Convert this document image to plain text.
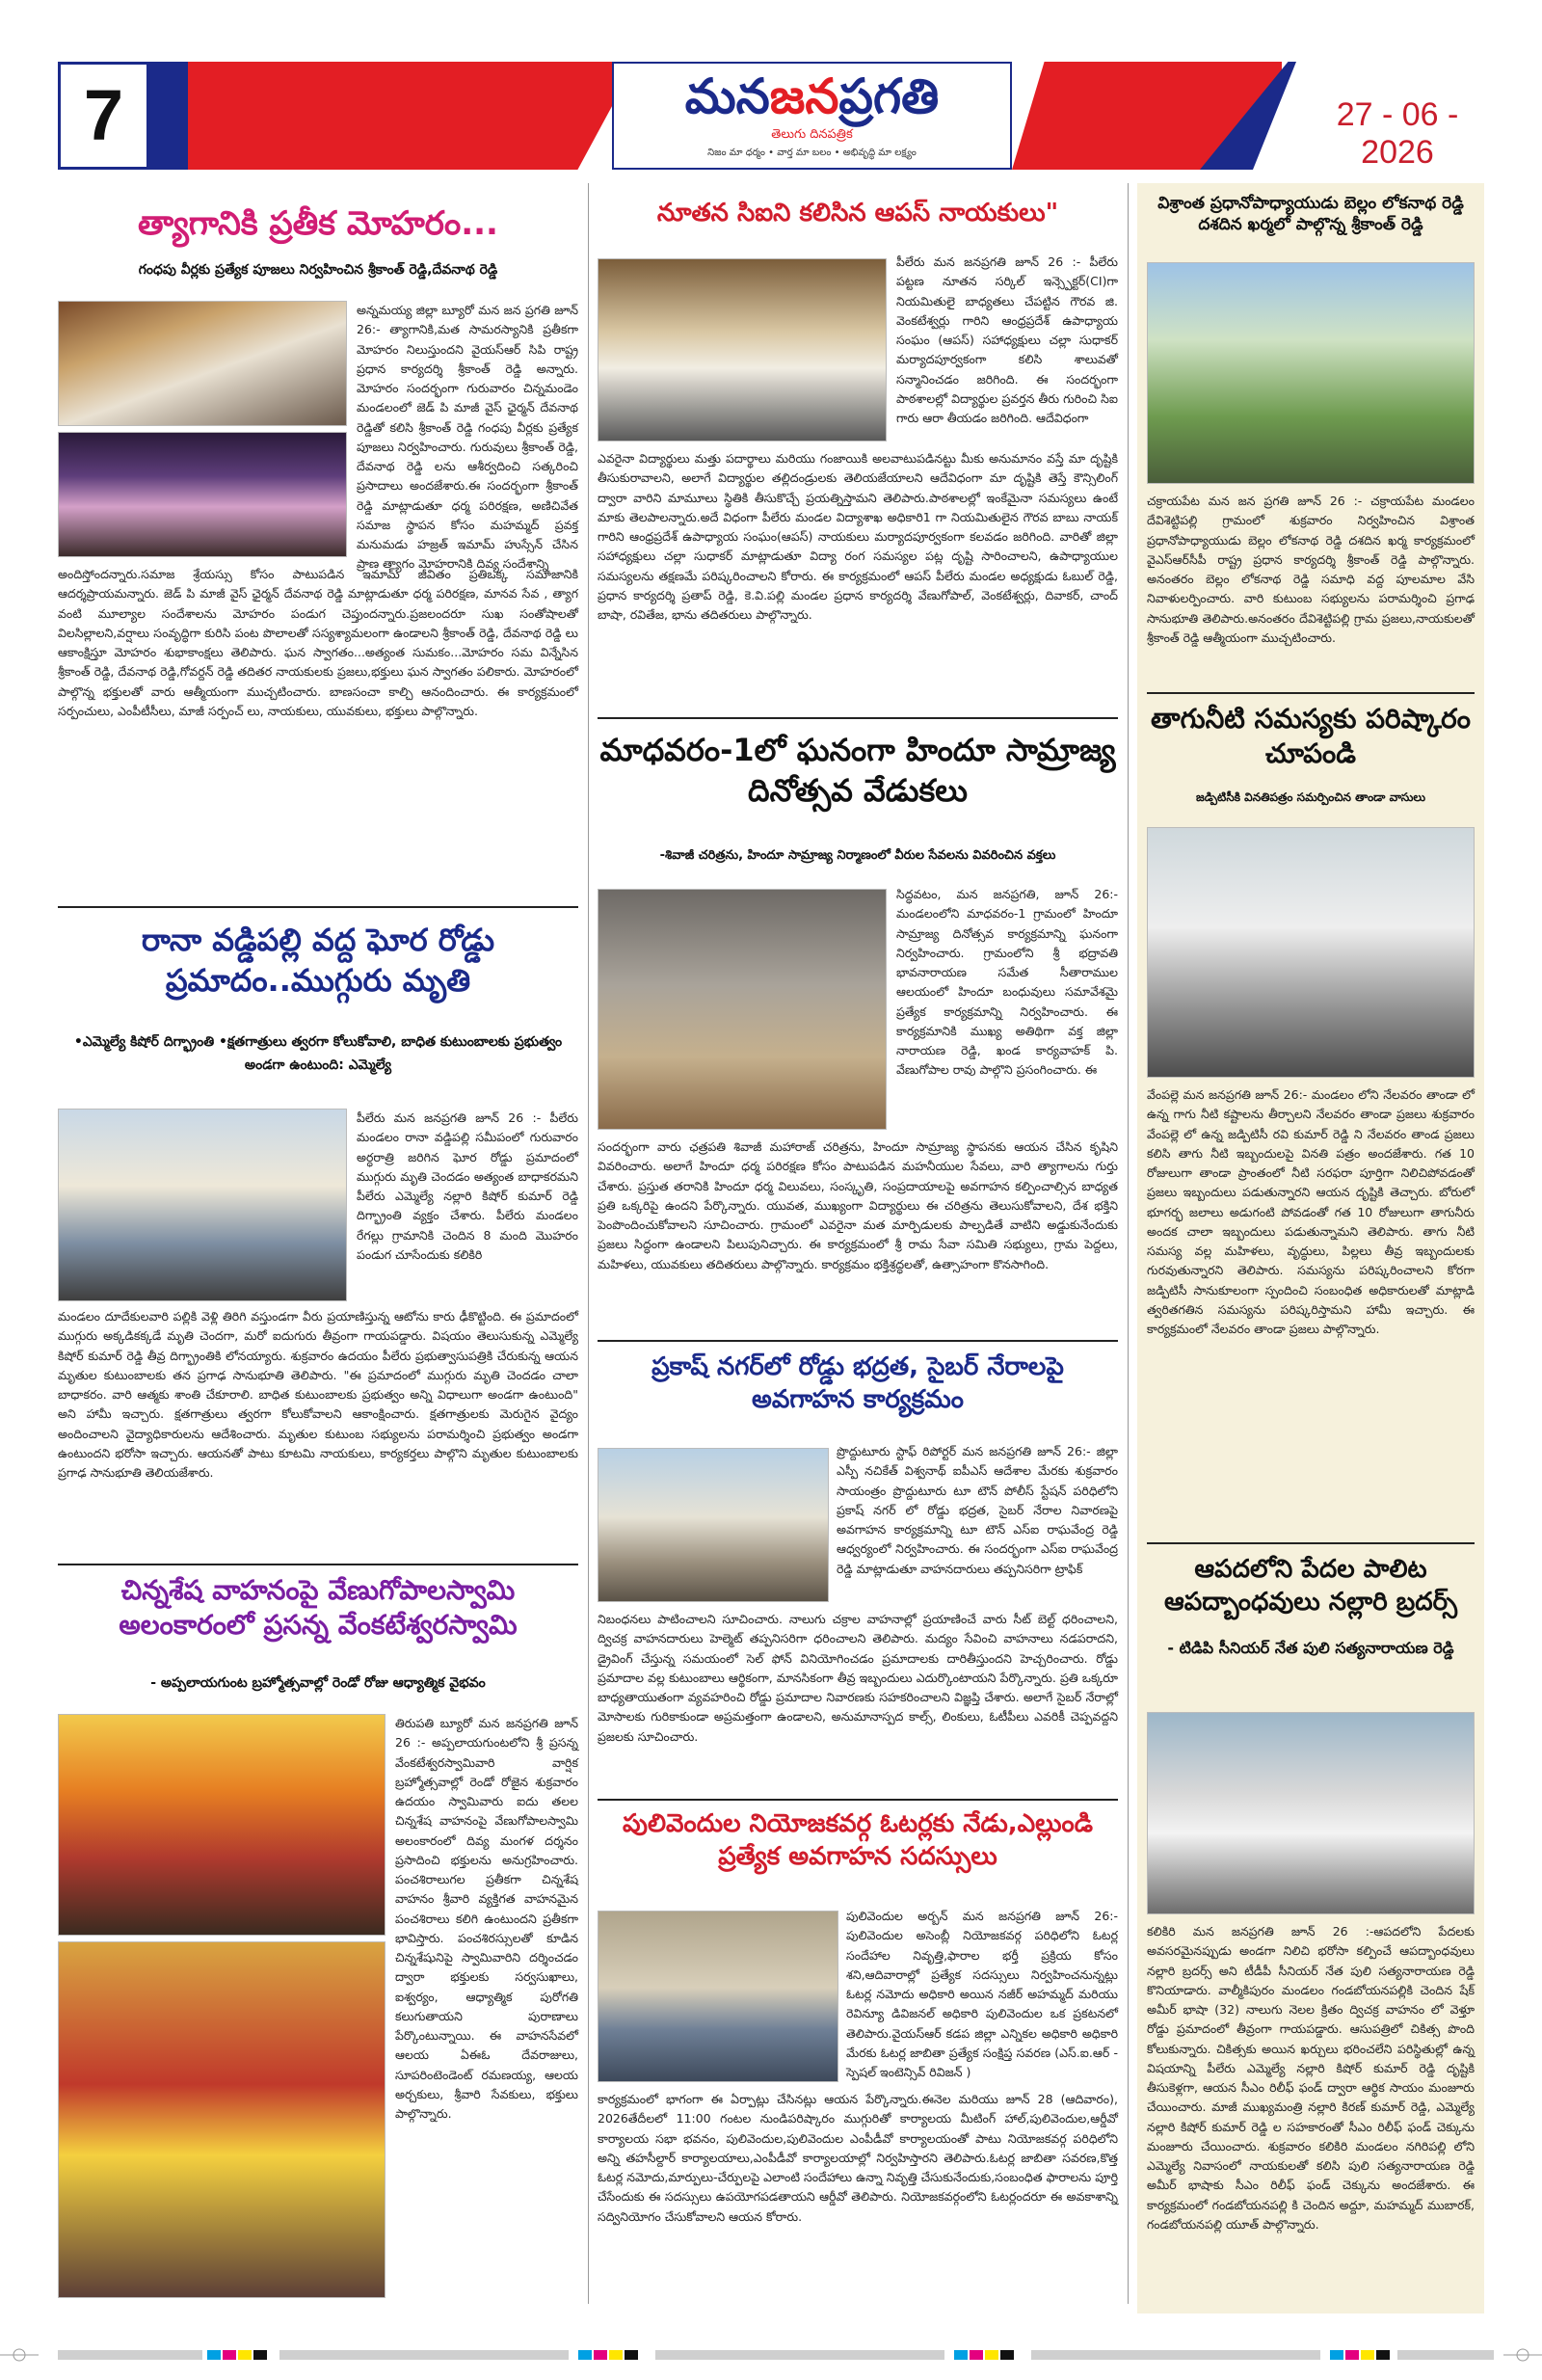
7	మనజనప్రగతి
తెలుగు దినపత్రిక
నిజం మా ధర్మం • వార్త మా బలం • అభివృద్ధి మా లక్ష్యం
27 - 06 - 2026
త్యాగానికి ప్రతీక మోహరం...
గంధపు వీర్లకు ప్రత్యేక పూజలు నిర్వహించిన శ్రీకాంత్ రెడ్డి,దేవనాథ రెడ్డి
అన్నమయ్య జిల్లా బ్యూరో మన జన ప్రగతి జూన్ 26:- త్యాగానికి,మత సామరస్యానికి ప్రతీకగా మోహరం నిలుస్తుందని వైయస్ఆర్ సిపి రాష్ట్ర ప్రధాన కార్యదర్శి శ్రీకాంత్ రెడ్డి అన్నారు. మోహరం సందర్భంగా గురువారం చిన్నమండెం మండలంలో జెడ్ పి మాజీ వైస్ ఛైర్మన్ దేవనాథ రెడ్డితో కలిసి శ్రీకాంత్ రెడ్డి గంధపు వీర్లకు ప్రత్యేక పూజలు నిర్వహించారు. గురువులు శ్రీకాంత్ రెడ్డి, దేవనాథ రెడ్డి లను ఆశీర్వదించి సత్కరించి ప్రసాదాలు అందజేశారు.ఈ సందర్భంగా శ్రీకాంత్ రెడ్డి మాట్లాడుతూ ధర్మ పరిరక్షణ, అణిచివేత సమాజ స్థాపన కోసం మహమ్మద్ ప్రవక్త మనుమడు హజ్రత్ ఇమామ్ హుస్సేన్ చేసిన ప్రాణ త్యాగం మోహరానికి దివ్య సందేశాన్ని
అందిస్తోందన్నారు.సమాజ శ్రేయస్సు కోసం పాటుపడిన ఇమామ్ జీవితం ప్రతిఒక్క సమాజానికి ఆదర్శప్రాయమన్నారు. జెడ్ పి మాజీ వైస్ ఛైర్మన్ దేవనాథ రెడ్డి మాట్లాడుతూ ధర్మ పరిరక్షణ, మానవ సేవ , త్యాగ వంటి మూల్యాల సందేశాలను మోహరం పండుగ చెప్తుందన్నారు.ప్రజలందరూ సుఖ సంతోషాలతో విలసిల్లాలని,వర్షాలు సంవృద్ధిగా కురిసి పంట పొలాలతో సస్యశ్యామలంగా ఉండాలని శ్రీకాంత్ రెడ్డి, దేవనాథ రెడ్డి లు ఆకాంక్షిస్తూ మోహరం శుభాకాంక్షలు తెలిపారు. ఘన స్వాగతం...అత్యంత సుమకం...మోహరం సమ విన్నేసిన శ్రీకాంత్ రెడ్డి, దేవనాథ రెడ్డి,గోవర్దన్ రెడ్డి తదితర నాయకులకు ప్రజలు,భక్తులు ఘన స్వాగతం పలికారు. మోహరంలో పాల్గొన్న భక్తులతో వారు ఆత్మీయంగా ముచ్చటించారు. బాణసంచా కాల్చి ఆనందించారు. ఈ కార్యక్రమంలో సర్పంచులు, ఎంపీటీసీలు, మాజీ సర్పంచ్ లు, నాయకులు, యువకులు, భక్తులు పాల్గొన్నారు.
రానా వడ్డిపల్లి వద్ద ఘోర రోడ్డు ప్రమాదం..ముగ్గురు మృతి
•ఎమ్మెల్యే కిషోర్ దిగ్భ్రాంతి •క్షతగాత్రులు త్వరగా కోలుకోవాలి, బాధిత కుటుంబాలకు ప్రభుత్వం అండగా ఉంటుంది: ఎమ్మెల్యే
పీలేరు మన జనప్రగతి జూన్ 26 :- పీలేరు మండలం రానా వడ్డిపల్లి సమీపంలో గురువారం అర్ధరాత్రి జరిగిన ఘోర రోడ్డు ప్రమాదంలో ముగ్గురు మృతి చెందడం అత్యంత బాధాకరమని పీలేరు ఎమ్మెల్యే నల్లారి కిషోర్ కుమార్ రెడ్డి దిగ్భ్రాంతి వ్యక్తం చేశారు. పీలేరు మండలం రేగల్లు గ్రామానికి చెందిన 8 మంది మొహరం పండుగ చూసేందుకు కలికిరి
మండలం దూదేకులవారి పల్లికి వెళ్లి తిరిగి వస్తుండగా వీరు ప్రయాణిస్తున్న ఆటోను కారు ఢీకొట్టింది. ఈ ప్రమాదంలో ముగ్గురు అక్కడికక్కడే మృతి చెందగా, మరో ఐదుగురు తీవ్రంగా గాయపడ్డారు. విషయం తెలుసుకున్న ఎమ్మెల్యే కిషోర్ కుమార్ రెడ్డి తీవ్ర దిగ్భ్రాంతికి లోనయ్యారు. శుక్రవారం ఉదయం పీలేరు ప్రభుత్వాసుపత్రికి చేరుకున్న ఆయన మృతుల కుటుంబాలకు తన ప్రగాఢ సానుభూతి తెలిపారు. "ఈ ప్రమాదంలో ముగ్గురు మృతి చెందడం చాలా బాధాకరం. వారి ఆత్మకు శాంతి చేకూరాలి. బాధిత కుటుంబాలకు ప్రభుత్వం అన్ని విధాలుగా అండగా ఉంటుంది" అని హామీ ఇచ్చారు. క్షతగాత్రులు త్వరగా కోలుకోవాలని ఆకాంక్షించారు. క్షతగాత్రులకు మెరుగైన వైద్యం అందించాలని వైద్యాధికారులను ఆదేశించారు. మృతుల కుటుంబ సభ్యులను పరామర్శించి ప్రభుత్వం అండగా ఉంటుందని భరోసా ఇచ్చారు. ఆయనతో పాటు కూటమి నాయకులు, కార్యకర్తలు పాల్గొని మృతుల కుటుంబాలకు ప్రగాఢ సానుభూతి తెలియజేశారు.
చిన్నశేష వాహనంపై వేణుగోపాలస్వామి అలంకారంలో ప్రసన్న వేంకటేశ్వరస్వామి
- అప్పలాయగుంట బ్రహ్మోత్సవాల్లో రెండో రోజు ఆధ్యాత్మిక వైభవం
తిరుపతి బ్యూరో మన జనప్రగతి జూన్ 26 :- అప్పలాయగుంటలోని శ్రీ ప్రసన్న వేంకటేశ్వరస్వామివారి వార్షిక బ్రహ్మోత్సవాల్లో రెండో రోజైన శుక్రవారం ఉదయం స్వామివారు ఐదు తలల చిన్నశేష వాహనంపై వేణుగోపాలస్వామి అలంకారంలో దివ్య మంగళ దర్శనం ప్రసాదించి భక్తులను అనుగ్రహించారు. పంచశిరాలుగల ప్రతీకగా చిన్నశేష వాహనం శ్రీవారి వ్యక్తిగత వాహనమైన పంచశిరాలు కలిగి ఉంటుందని ప్రతీకగా భావిస్తారు. పంచశిరస్సులతో కూడిన చిన్నశేషునిపై స్వామివారిని దర్శించడం ద్వారా భక్తులకు సర్వసుఖాలు, ఐశ్వర్యం, ఆధ్యాత్మిక పురోగతి కలుగుతాయని పురాణాలు పేర్కొంటున్నాయి. ఈ వాహనసేవలో ఆలయ ఏఈఓ దేవరాజులు, సూపరింటెండెంట్ రమణయ్య, ఆలయ అర్చకులు, శ్రీవారి సేవకులు, భక్తులు పాల్గొన్నారు.
నూతన సిఐని కలిసిన ఆపస్ నాయకులు"
పీలేరు మన జనప్రగతి జూన్ 26 :- పీలేరు పట్టణ నూతన సర్కిల్ ఇన్స్పెక్టర్(CI)గా నియమితులై బాధ్యతలు చేపట్టిన గౌరవ జి. వెంకటేశ్వర్లు గారిని ఆంధ్రప్రదేశ్ ఉపాధ్యాయ సంఘం (ఆపస్) సహాధ్యక్షులు చల్లా సుధాకర్ మర్యాదపూర్వకంగా కలిసి శాలువతో సన్మానించడం జరిగింది. ఈ సందర్భంగా పాఠశాలల్లో విద్యార్థుల ప్రవర్తన తీరు గురించి సిఐ గారు ఆరా తీయడం జరిగింది. ఆదేవిధంగా
ఎవరైనా విద్యార్థులు మత్తు పదార్థాలు మరియు గంజాయికి అలవాటుపడినట్టు మీకు అనుమానం వస్తే మా దృష్టికి తీసుకురావాలని, అలాగే విద్యార్థుల తల్లిదండ్రులకు తెలియజేయాలని ఆదేవిధంగా మా దృష్టికి తెస్తే కౌన్సిలింగ్ ద్వారా వారిని మామూలు స్థితికి తీసుకొచ్చే ప్రయత్నిస్తామని తెలిపారు.పాఠశాలల్లో ఇంకేమైనా సమస్యలు ఉంటే మాకు తెలపాలన్నారు.అదే విధంగా పీలేరు మండల విద్యాశాఖ అధికారి1 గా నియమితులైన గౌరవ బాబు నాయక్ గారిని ఆంధ్రప్రదేశ్ ఉపాధ్యాయ సంఘం(ఆపస్) నాయకులు మర్యాదపూర్వకంగా కలవడం జరిగింది. వారితో జిల్లా సహాధ్యక్షులు చల్లా సుధాకర్ మాట్లాడుతూ విద్యా రంగ సమస్యల పట్ల దృష్టి సారించాలని, ఉపాధ్యాయుల సమస్యలను తక్షణమే పరిష్కరించాలని కోరారు. ఈ కార్యక్రమంలో ఆపస్ పీలేరు మండల అధ్యక్షుడు ఓబుల్ రెడ్డి, ప్రధాన కార్యదర్శి ప్రతాప్ రెడ్డి, కె.వి.పల్లి మండల ప్రధాన కార్యదర్శి వేణుగోపాల్, వెంకటేశ్వర్లు, దివాకర్, చాంద్ బాషా, రవితేజ, భాను తదితరులు పాల్గొన్నారు.
మాధవరం-1లో ఘనంగా హిందూ సామ్రాజ్య దినోత్సవ వేడుకలు
-శివాజీ చరిత్రను, హిందూ సామ్రాజ్య నిర్మాణంలో వీరుల సేవలను వివరించిన వక్తలు
సిద్ధవటం, మన జనప్రగతి, జూన్ 26:- మండలంలోని మాధవరం-1 గ్రామంలో హిందూ సామ్రాజ్య దినోత్సవ కార్యక్రమాన్ని ఘనంగా నిర్వహించారు. గ్రామంలోని శ్రీ భద్రావతి భావనారాయణ సమేత సీతారాముల ఆలయంలో హిందూ బంధువులు సమావేశమై ప్రత్యేక కార్యక్రమాన్ని నిర్వహించారు. ఈ కార్యక్రమానికి ముఖ్య అతిథిగా వక్త జిల్లా నారాయణ రెడ్డి, ఖండ కార్యవాహక్ పి. వేణుగోపాల రావు పాల్గొని ప్రసంగించారు. ఈ
సందర్భంగా వారు ఛత్రపతి శివాజీ మహారాజ్ చరిత్రను, హిందూ సామ్రాజ్య స్థాపనకు ఆయన చేసిన కృషిని వివరించారు. అలాగే హిందూ ధర్మ పరిరక్షణ కోసం పాటుపడిన మహనీయుల సేవలు, వారి త్యాగాలను గుర్తు చేశారు. ప్రస్తుత తరానికి హిందూ ధర్మ విలువలు, సంస్కృతి, సంప్రదాయాలపై అవగాహన కల్పించాల్సిన బాధ్యత ప్రతి ఒక్కరిపై ఉందని పేర్కొన్నారు. యువత, ముఖ్యంగా విద్యార్థులు ఈ చరిత్రను తెలుసుకోవాలని, దేశ భక్తిని పెంపొందించుకోవాలని సూచించారు. గ్రామంలో ఎవరైనా మత మార్పిడులకు పాల్పడితే వాటిని అడ్డుకునేందుకు ప్రజలు సిద్ధంగా ఉండాలని పిలుపునిచ్చారు. ఈ కార్యక్రమంలో శ్రీ రామ సేవా సమితి సభ్యులు, గ్రామ పెద్దలు, మహిళలు, యువకులు తదితరులు పాల్గొన్నారు. కార్యక్రమం భక్తిశ్రద్ధలతో, ఉత్సాహంగా కొనసాగింది.
ప్రకాష్ నగర్‌లో రోడ్డు భద్రత, సైబర్ నేరాలపై అవగాహన కార్యక్రమం
ప్రొద్దుటూరు స్టాఫ్ రిపోర్టర్ మన జనప్రగతి జూన్ 26:- జిల్లా ఎస్పీ నచికేత్ విశ్వనాథ్ ఐపీఎస్ ఆదేశాల మేరకు శుక్రవారం సాయంత్రం ప్రొద్దుటూరు టూ టౌన్ పోలీస్ స్టేషన్ పరిధిలోని ప్రకాష్ నగర్ లో రోడ్డు భద్రత, సైబర్ నేరాల నివారణపై అవగాహన కార్యక్రమాన్ని టూ టౌన్ ఎస్ఐ రాఘవేంద్ర రెడ్డి ఆధ్వర్యంలో నిర్వహించారు. ఈ సందర్భంగా ఎస్ఐ రాఘవేంద్ర రెడ్డి మాట్లాడుతూ వాహనదారులు తప్పనిసరిగా ట్రాఫిక్
నిబంధనలు పాటించాలని సూచించారు. నాలుగు చక్రాల వాహనాల్లో ప్రయాణించే వారు సీట్ బెల్ట్ ధరించాలని, ద్విచక్ర వాహనదారులు హెల్మెట్ తప్పనిసరిగా ధరించాలని తెలిపారు. మద్యం సేవించి వాహనాలు నడపరాదని, డ్రైవింగ్ చేస్తున్న సమయంలో సెల్ ఫోన్ వినియోగించడం ప్రమాదాలకు దారితీస్తుందని హెచ్చరించారు. రోడ్డు ప్రమాదాల వల్ల కుటుంబాలు ఆర్థికంగా, మానసికంగా తీవ్ర ఇబ్బందులు ఎదుర్కొంటాయని పేర్కొన్నారు. ప్రతి ఒక్కరూ బాధ్యతాయుతంగా వ్యవహరించి రోడ్డు ప్రమాదాల నివారణకు సహకరించాలని విజ్ఞప్తి చేశారు. అలాగే సైబర్ నేరాల్లో మోసాలకు గురికాకుండా అప్రమత్తంగా ఉండాలని, అనుమానాస్పద కాల్స్, లింకులు, ఓటీపీలు ఎవరికీ చెప్పవద్దని ప్రజలకు సూచించారు.
పులివెందుల నియోజకవర్గ ఓటర్లకు నేడు,ఎల్లుండి ప్రత్యేక అవగాహన సదస్సులు
పులివెందుల అర్బన్ మన జనప్రగతి జూన్ 26:-పులివెందుల అసెంబ్లీ నియోజకవర్గ పరిధిలోని ఓటర్ల సందేహాల నివృత్తి,ఫారాల భర్తీ ప్రక్రియ కోసం శని,ఆదివారాల్లో ప్రత్యేక సదస్సులు నిర్వహించనున్నట్లు ఓటర్ల నమోదు అధికారి అయిన నజీర్ అహమ్మద్ మరియు రెవిన్యూ డివిజనల్ అధికారి పులివెందుల ఒక ప్రకటనలో తెలిపారు.వైయస్ఆర్ కడప జిల్లా ఎన్నికల అధికారి అధికారి మేరకు ఓటర్ల జాబితా ప్రత్యేక సంక్షిప్త సవరణ (ఎస్.ఐ.ఆర్ - స్పెషల్ ఇంటెన్సివ్ రివిజన్ )
కార్యక్రమంలో భాగంగా ఈ ఏర్పాట్లు చేసినట్లు ఆయన పేర్కొన్నారు.ఈనెల మరియు జూన్ 28 (ఆదివారం), 2026తేదీలలో 11:00 గంటల నుండిపరిష్కారం ముగ్గురితో కార్యాలయ మీటింగ్ హాల్,పులివెందుల,ఆర్డీవో కార్యాలయ సభా భవనం, పులివెందుల,పులివెందుల ఎంపీడీవో కార్యాలయంతో పాటు నియోజకవర్గ పరిధిలోని అన్ని తహసీల్దార్ కార్యాలయాలు,ఎంపీడీవో కార్యాలయాల్లో నిర్వహిస్తారని తెలిపారు.ఓటర్ల జాబితా సవరణ,కొత్త ఓటర్ల నమోదు,మార్పులు-చేర్పులపై ఎలాంటి సందేహాలు ఉన్నా నివృత్తి చేసుకునేందుకు,సంబంధిత ఫారాలను పూర్తి చేసేందుకు ఈ సదస్సులు ఉపయోగపడతాయని ఆర్డీవో తెలిపారు. నియోజకవర్గంలోని ఓటర్లందరూ ఈ అవకాశాన్ని సద్వినియోగం చేసుకోవాలని ఆయన కోరారు.
విశ్రాంత ప్రధానోపాధ్యాయుడు బెల్లం లోకనాథ రెడ్డి దశదిన ఖర్మలో పాల్గొన్న శ్రీకాంత్ రెడ్డి
చక్రాయపేట మన జన ప్రగతి జూన్ 26 :- చక్రాయపేట మండలం దేవిశెట్టిపల్లి గ్రామంలో శుక్రవారం నిర్వహించిన విశ్రాంత ప్రధానోపాధ్యాయుడు బెల్లం లోకనాథ రెడ్డి దశదిన ఖర్మ కార్యక్రమంలో వైఎస్ఆర్‌సీపీ రాష్ట్ర ప్రధాన కార్యదర్శి శ్రీకాంత్ రెడ్డి పాల్గొన్నారు. అనంతరం బెల్లం లోకనాథ రెడ్డి సమాధి వద్ద పూలమాల వేసి నివాళులర్పించారు. వారి కుటుంబ సభ్యులను పరామర్శించి ప్రగాఢ సానుభూతి తెలిపారు.అనంతరం దేవిశెట్టిపల్లి గ్రామ ప్రజలు,నాయకులతో శ్రీకాంత్ రెడ్డి ఆత్మీయంగా ముచ్చటించారు.
తాగునీటి సమస్యకు పరిష్కారం చూపండి
జడ్పిటిసీకి వినతిపత్రం సమర్పించిన తాండా వాసులు
వేంపల్లె మన జనప్రగతి జూన్ 26:- మండలం లోని నేలవరం తాండా లో ఉన్న గాగు నీటి కష్టాలను తీర్చాలని నేలవరం తాండా ప్రజలు శుక్రవారం వేంపల్లె లో ఉన్న జడ్పిటిసీ రవి కుమార్ రెడ్డి ని నేలవరం తాండ ప్రజలు కలిసి తాగు నీటి ఇబ్బందులపై వినతి పత్రం అందజేశారు. గత 10 రోజులుగా తాండా ప్రాంతంలో నీటి సరఫరా పూర్తిగా నిలిచిపోవడంతో ప్రజలు ఇబ్బందులు పడుతున్నారని ఆయన దృష్టికి తెచ్చారు. బోరులో భూగర్భ జలాలు అడుగంటి పోవడంతో గత 10 రోజులుగా తాగునీరు అందక చాలా ఇబ్బందులు పడుతున్నామని తెలిపారు. తాగు నీటి సమస్య వల్ల మహిళలు, వృద్ధులు, పిల్లలు తీవ్ర ఇబ్బందులకు గురవుతున్నారని తెలిపారు. సమస్యను పరిష్కరించాలని కోరగా జడ్పిటిసీ సానుకూలంగా స్పందించి సంబంధిత అధికారులతో మాట్లాడి త్వరితగతిన సమస్యను పరిష్కరిస్తామని హామీ ఇచ్చారు. ఈ కార్యక్రమంలో నేలవరం తాండా ప్రజలు పాల్గొన్నారు.
ఆపదలోని పేదల పాలిట ఆపద్బాంధవులు నల్లారి బ్రదర్స్
- టిడిపి సీనియర్ నేత పులి సత్యనారాయణ రెడ్డి
కలికిరి మన జనప్రగతి జూన్ 26 :-ఆపదలోని పేదలకు అవసరమైనప్పుడు అండగా నిలిచి భరోసా కల్పించే ఆపద్బాంధవులు నల్లారి బ్రదర్స్ అని టీడీపీ సీనియర్ నేత పులి సత్యనారాయణ రెడ్డి కొనియాడారు. వాల్మీకిపురం మండలం గండబోయనపల్లికి చెందిన షేక్ అమీర్ భాషా (32) నాలుగు నెలల క్రితం ద్విచక్ర వాహనం లో వెళ్తూ రోడ్డు ప్రమాదంలో తీవ్రంగా గాయపడ్డారు. ఆసుపత్రిలో చికిత్స పొంది కోలుకున్నారు. చికిత్సకు అయిన ఖర్చులు భరించలేని పరిస్థితుల్లో ఉన్న విషయాన్ని పీలేరు ఎమ్మెల్యే నల్లారి కిషోర్ కుమార్ రెడ్డి దృష్టికి తీసుకెళ్లగా, ఆయన సీఎం రిలీఫ్ ఫండ్ ద్వారా ఆర్థిక సాయం మంజూరు చేయించారు. మాజీ ముఖ్యమంత్రి నల్లారి కిరణ్ కుమార్ రెడ్డి, ఎమ్మెల్యే నల్లారి కిషోర్ కుమార్ రెడ్డి ల సహకారంతో సీఎం రిలీఫ్ ఫండ్ చెక్కును మంజూరు చేయించారు. శుక్రవారం కలికిరి మండలం నగిరిపల్లి లోని ఎమ్మెల్యే నివాసంలో నాయకులతో కలిసి పులి సత్యనారాయణ రెడ్డి అమీర్ భాషాకు సీఎం రిలీఫ్ ఫండ్ చెక్కును అందజేశారు. ఈ కార్యక్రమంలో గండబోయనపల్లి కి చెందిన అద్దూ, మహమ్మద్ ముబారక్, గండబోయనపల్లి యూత్ పాల్గొన్నారు.
